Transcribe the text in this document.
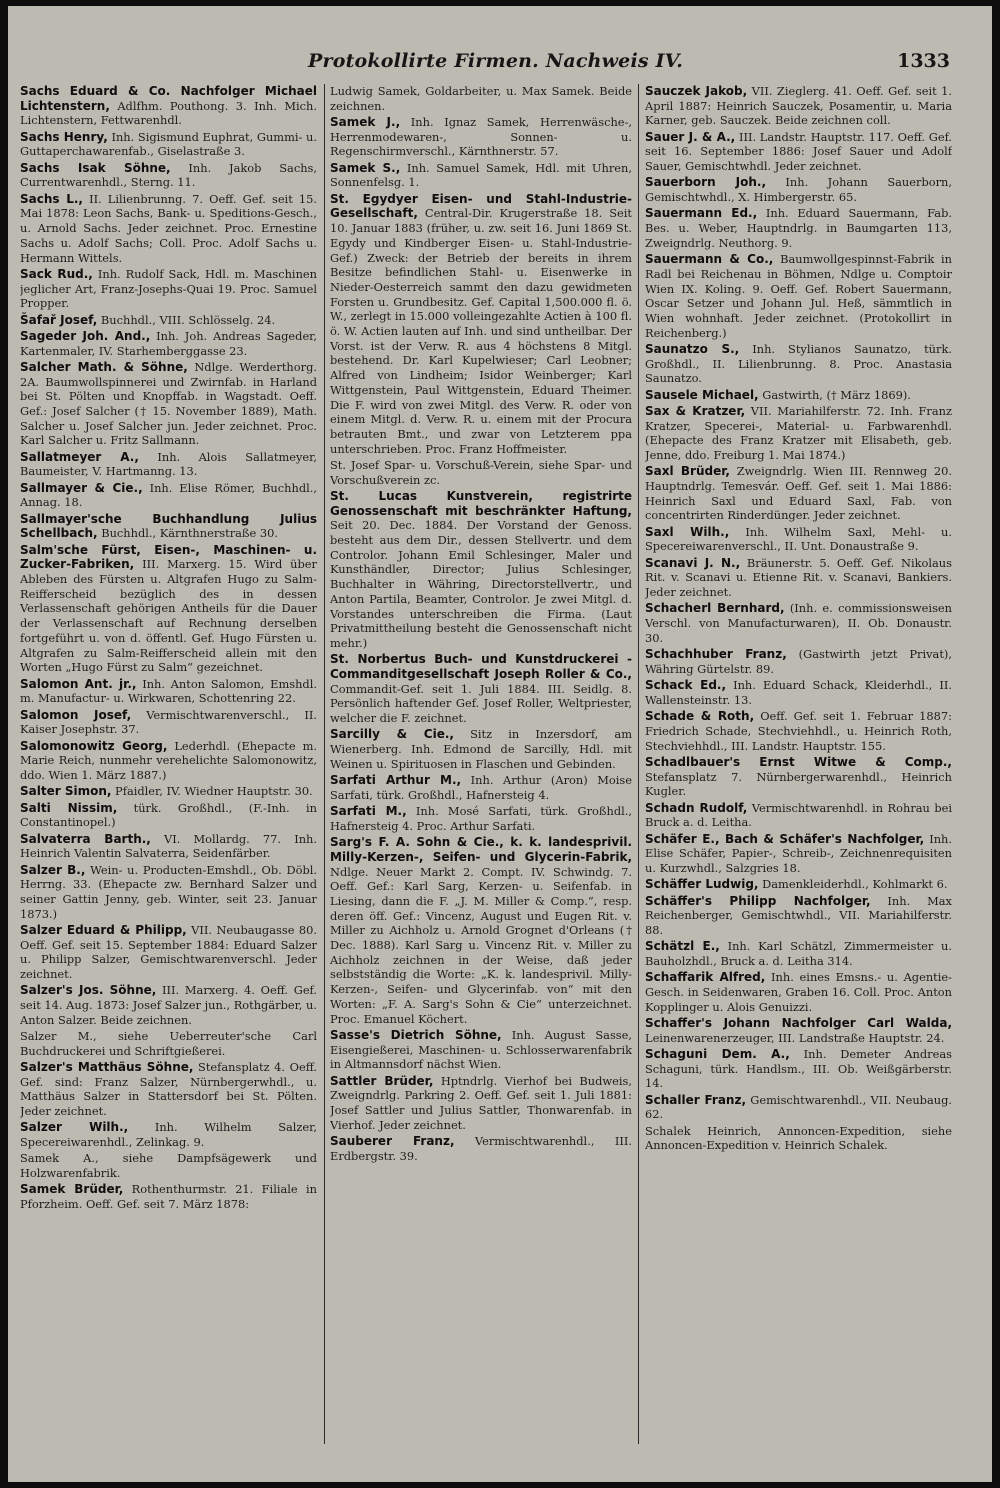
Protokollirte Firmen. Nachweis IV.	1333
Sachs Eduard & Co. Nachfolger Michael Lichtenstern, Adlfhm. Pouthong. 3. Inh. Mich. Lichtenstern, Fettwarenhdl.
Sachs Henry, Inh. Sigismund Euphrat, Gummi- u. Guttaperchawarenfab., Giselastraße 3.
Sachs Isak Söhne, Inh. Jakob Sachs, Currentwarenhdl., Sterng. 11.
Sachs L., II. Lilienbrunng. 7. Oeff. Gef. seit 15. Mai 1878: Leon Sachs, Bank- u. Speditions-Gesch., u. Arnold Sachs. Jeder zeichnet. Proc. Ernestine Sachs u. Adolf Sachs; Coll. Proc. Adolf Sachs u. Hermann Wittels.
Sack Rud., Inh. Rudolf Sack, Hdl. m. Maschinen jeglicher Art, Franz-Josephs-Quai 19. Proc. Samuel Propper.
Šafař Josef, Buchhdl., VIII. Schlösselg. 24.
Sageder Joh. And., Inh. Joh. Andreas Sageder, Kartenmaler, IV. Starhemberggasse 23.
Salcher Math. & Söhne, Ndlge. Werderthorg. 2A. Baumwollspinnerei und Zwirnfab. in Harland bei St. Pölten und Knopffab. in Wagstadt. Oeff. Gef.: Josef Salcher († 15. November 1889), Math. Salcher u. Josef Salcher jun. Jeder zeichnet. Proc. Karl Salcher u. Fritz Sallmann.
Sallatmeyer A., Inh. Alois Sallatmeyer, Baumeister, V. Hartmanng. 13.
Sallmayer & Cie., Inh. Elise Römer, Buchhdl., Annag. 18.
Sallmayer'sche Buchhandlung Julius Schellbach, Buchhdl., Kärnthnerstraße 30.
Salm'sche Fürst, Eisen-, Maschinen- u. Zucker-Fabriken, III. Marxerg. 15. Wird über Ableben des Fürsten u. Altgrafen Hugo zu Salm-Reifferscheid bezüglich des in dessen Verlassenschaft gehörigen Antheils für die Dauer der Verlassenschaft auf Rechnung derselben fortgeführt u. von d. öffentl. Gef. Hugo Fürsten u. Altgrafen zu Salm-Reifferscheid allein mit den Worten „Hugo Fürst zu Salm“ gezeichnet.
Salomon Ant. jr., Inh. Anton Salomon, Emshdl. m. Manufactur- u. Wirkwaren, Schottenring 22.
Salomon Josef, Vermischtwarenverschl., II. Kaiser Josephstr. 37.
Salomonowitz Georg, Lederhdl. (Ehepacte m. Marie Reich, nunmehr verehelichte Salomonowitz, ddo. Wien 1. März 1887.)
Salter Simon, Pfaidler, IV. Wiedner Hauptstr. 30.
Salti Nissim, türk. Großhdl., (F.-Inh. in Constantinopel.)
Salvaterra Barth., VI. Mollardg. 77. Inh. Heinrich Valentin Salvaterra, Seidenfärber.
Salzer B., Wein- u. Producten-Emshdl., Ob. Döbl. Herrng. 33. (Ehepacte zw. Bernhard Salzer und seiner Gattin Jenny, geb. Winter, seit 23. Januar 1873.)
Salzer Eduard & Philipp, VII. Neubaugasse 80. Oeff. Gef. seit 15. September 1884: Eduard Salzer u. Philipp Salzer, Gemischtwarenverschl. Jeder zeichnet.
Salzer's Jos. Söhne, III. Marxerg. 4. Oeff. Gef. seit 14. Aug. 1873: Josef Salzer jun., Rothgärber, u. Anton Salzer. Beide zeichnen.
Salzer M., siehe Ueberreuter'sche Carl Buchdruckerei und Schriftgießerei.
Salzer's Matthäus Söhne, Stefansplatz 4. Oeff. Gef. sind: Franz Salzer, Nürnbergerwhdl., u. Matthäus Salzer in Stattersdorf bei St. Pölten. Jeder zeichnet.
Salzer Wilh., Inh. Wilhelm Salzer, Specereiwarenhdl., Zelinkag. 9.
Samek A., siehe Dampfsägewerk und Holzwarenfabrik.
Samek Brüder, Rothenthurmstr. 21. Filiale in Pforzheim. Oeff. Gef. seit 7. März 1878:
Ludwig Samek, Goldarbeiter, u. Max Samek. Beide zeichnen.
Samek J., Inh. Ignaz Samek, Herrenwäsche-, Herrenmodewaren-, Sonnen- u. Regenschirmverschl., Kärnthnerstr. 57.
Samek S., Inh. Samuel Samek, Hdl. mit Uhren, Sonnenfelsg. 1.
St. Egydyer Eisen- und Stahl-Industrie-Gesellschaft, Central-Dir. Krugerstraße 18. Seit 10. Januar 1883 (früher, u. zw. seit 16. Juni 1869 St. Egydy und Kindberger Eisen- u. Stahl-Industrie-Gef.) Zweck: der Betrieb der bereits in ihrem Besitze befindlichen Stahl- u. Eisenwerke in Nieder-Oesterreich sammt den dazu gewidmeten Forsten u. Grundbesitz. Gef. Capital 1,500.000 fl. ö. W., zerlegt in 15.000 volleingezahlte Actien à 100 fl. ö. W. Actien lauten auf Inh. und sind untheilbar. Der Vorst. ist der Verw. R. aus 4 höchstens 8 Mitgl. bestehend. Dr. Karl Kupelwieser; Carl Leobner; Alfred von Lindheim; Isidor Weinberger; Karl Wittgenstein, Paul Wittgenstein, Eduard Theimer. Die F. wird von zwei Mitgl. des Verw. R. oder von einem Mitgl. d. Verw. R. u. einem mit der Procura betrauten Bmt., und zwar von Letzterem ppa unterschrieben. Proc. Franz Hoffmeister.
St. Josef Spar- u. Vorschuß-Verein, siehe Spar- und Vorschußverein zc.
St. Lucas Kunstverein, registrirte Genossenschaft mit beschränkter Haftung, Seit 20. Dec. 1884. Der Vorstand der Genoss. besteht aus dem Dir., dessen Stellvertr. und dem Controlor. Johann Emil Schlesinger, Maler und Kunsthändler, Director; Julius Schlesinger, Buchhalter in Währing, Directorstellvertr., und Anton Partila, Beamter, Controlor. Je zwei Mitgl. d. Vorstandes unterschreiben die Firma. (Laut Privatmittheilung besteht die Genossenschaft nicht mehr.)
St. Norbertus Buch- und Kunstdruckerei - Commanditgesellschaft Joseph Roller & Co., Commandit-Gef. seit 1. Juli 1884. III. Seidlg. 8. Persönlich haftender Gef. Josef Roller, Weltpriester, welcher die F. zeichnet.
Sarcilly & Cie., Sitz in Inzersdorf, am Wienerberg. Inh. Edmond de Sarcilly, Hdl. mit Weinen u. Spirituosen in Flaschen und Gebinden.
Sarfati Arthur M., Inh. Arthur (Aron) Moise Sarfati, türk. Großhdl., Hafnersteig 4.
Sarfati M., Inh. Mosé Sarfati, türk. Großhdl., Hafnersteig 4. Proc. Arthur Sarfati.
Sarg's F. A. Sohn & Cie., k. k. landesprivil. Milly-Kerzen-, Seifen- und Glycerin-Fabrik, Ndlge. Neuer Markt 2. Compt. IV. Schwindg. 7. Oeff. Gef.: Karl Sarg, Kerzen- u. Seifenfab. in Liesing, dann die F. „J. M. Miller & Comp.“, resp. deren öff. Gef.: Vincenz, August und Eugen Rit. v. Miller zu Aichholz u. Arnold Grognet d'Orleans († Dec. 1888). Karl Sarg u. Vincenz Rit. v. Miller zu Aichholz zeichnen in der Weise, daß jeder selbstständig die Worte: „K. k. landesprivil. Milly-Kerzen-, Seifen- und Glycerinfab. von“ mit den Worten: „F. A. Sarg's Sohn & Cie“ unterzeichnet. Proc. Emanuel Köchert.
Sasse's Dietrich Söhne, Inh. August Sasse, Eisengießerei, Maschinen- u. Schlosserwarenfabrik in Altmannsdorf nächst Wien.
Sattler Brüder, Hptndrlg. Vierhof bei Budweis, Zweigndrlg. Parkring 2. Oeff. Gef. seit 1. Juli 1881: Josef Sattler und Julius Sattler, Thonwarenfab. in Vierhof. Jeder zeichnet.
Sauberer Franz, Vermischtwarenhdl., III. Erdbergstr. 39.
Sauczek Jakob, VII. Zieglerg. 41. Oeff. Gef. seit 1. April 1887: Heinrich Sauczek, Posamentir, u. Maria Karner, geb. Sauczek. Beide zeichnen coll.
Sauer J. & A., III. Landstr. Hauptstr. 117. Oeff. Gef. seit 16. September 1886: Josef Sauer und Adolf Sauer, Gemischtwhdl. Jeder zeichnet.
Sauerborn Joh., Inh. Johann Sauerborn, Gemischtwhdl., X. Himbergerstr. 65.
Sauermann Ed., Inh. Eduard Sauermann, Fab. Bes. u. Weber, Hauptndrlg. in Baumgarten 113, Zweigndrlg. Neuthorg. 9.
Sauermann & Co., Baumwollgespinnst-Fabrik in Radl bei Reichenau in Böhmen, Ndlge u. Comptoir Wien IX. Koling. 9. Oeff. Gef. Robert Sauermann, Oscar Setzer und Johann Jul. Heß, sämmtlich in Wien wohnhaft. Jeder zeichnet. (Protokollirt in Reichenberg.)
Saunatzo S., Inh. Stylianos Saunatzo, türk. Großhdl., II. Lilienbrunng. 8. Proc. Anastasia Saunatzo.
Sausele Michael, Gastwirth, († März 1869).
Sax & Kratzer, VII. Mariahilferstr. 72. Inh. Franz Kratzer, Specerei-, Material- u. Farbwarenhdl. (Ehepacte des Franz Kratzer mit Elisabeth, geb. Jenne, ddo. Freiburg 1. Mai 1874.)
Saxl Brüder, Zweigndrlg. Wien III. Rennweg 20. Hauptndrlg. Temesvár. Oeff. Gef. seit 1. Mai 1886: Heinrich Saxl und Eduard Saxl, Fab. von concentrirten Rinderdünger. Jeder zeichnet.
Saxl Wilh., Inh. Wilhelm Saxl, Mehl- u. Specereiwarenverschl., II. Unt. Donaustraße 9.
Scanavi J. N., Bräunerstr. 5. Oeff. Gef. Nikolaus Rit. v. Scanavi u. Etienne Rit. v. Scanavi, Bankiers. Jeder zeichnet.
Schacherl Bernhard, (Inh. e. commissionsweisen Verschl. von Manufacturwaren), II. Ob. Donaustr. 30.
Schachhuber Franz, (Gastwirth jetzt Privat), Währing Gürtelstr. 89.
Schack Ed., Inh. Eduard Schack, Kleiderhdl., II. Wallensteinstr. 13.
Schade & Roth, Oeff. Gef. seit 1. Februar 1887: Friedrich Schade, Stechviehhdl., u. Heinrich Roth, Stechviehhdl., III. Landstr. Hauptstr. 155.
Schadlbauer's Ernst Witwe & Comp., Stefansplatz 7. Nürnbergerwarenhdl., Heinrich Kugler.
Schadn Rudolf, Vermischtwarenhdl. in Rohrau bei Bruck a. d. Leitha.
Schäfer E., Bach & Schäfer's Nachfolger, Inh. Elise Schäfer, Papier-, Schreib-, Zeichnenrequisiten u. Kurzwhdl., Salzgries 18.
Schäffer Ludwig, Damenkleiderhdl., Kohlmarkt 6.
Schäffer's Philipp Nachfolger, Inh. Max Reichenberger, Gemischtwhdl., VII. Mariahilferstr. 88.
Schätzl E., Inh. Karl Schätzl, Zimmermeister u. Bauholzhdl., Bruck a. d. Leitha 314.
Schaffarik Alfred, Inh. eines Emsns.- u. Agentie-Gesch. in Seidenwaren, Graben 16. Coll. Proc. Anton Kopplinger u. Alois Genuizzi.
Schaffer's Johann Nachfolger Carl Walda, Leinenwarenerzeuger, III. Landstraße Hauptstr. 24.
Schaguni Dem. A., Inh. Demeter Andreas Schaguni, türk. Handlsm., III. Ob. Weißgärberstr. 14.
Schaller Franz, Gemischtwarenhdl., VII. Neubaug. 62.
Schalek Heinrich, Annoncen-Expedition, siehe Annoncen-Expedition v. Heinrich Schalek.
